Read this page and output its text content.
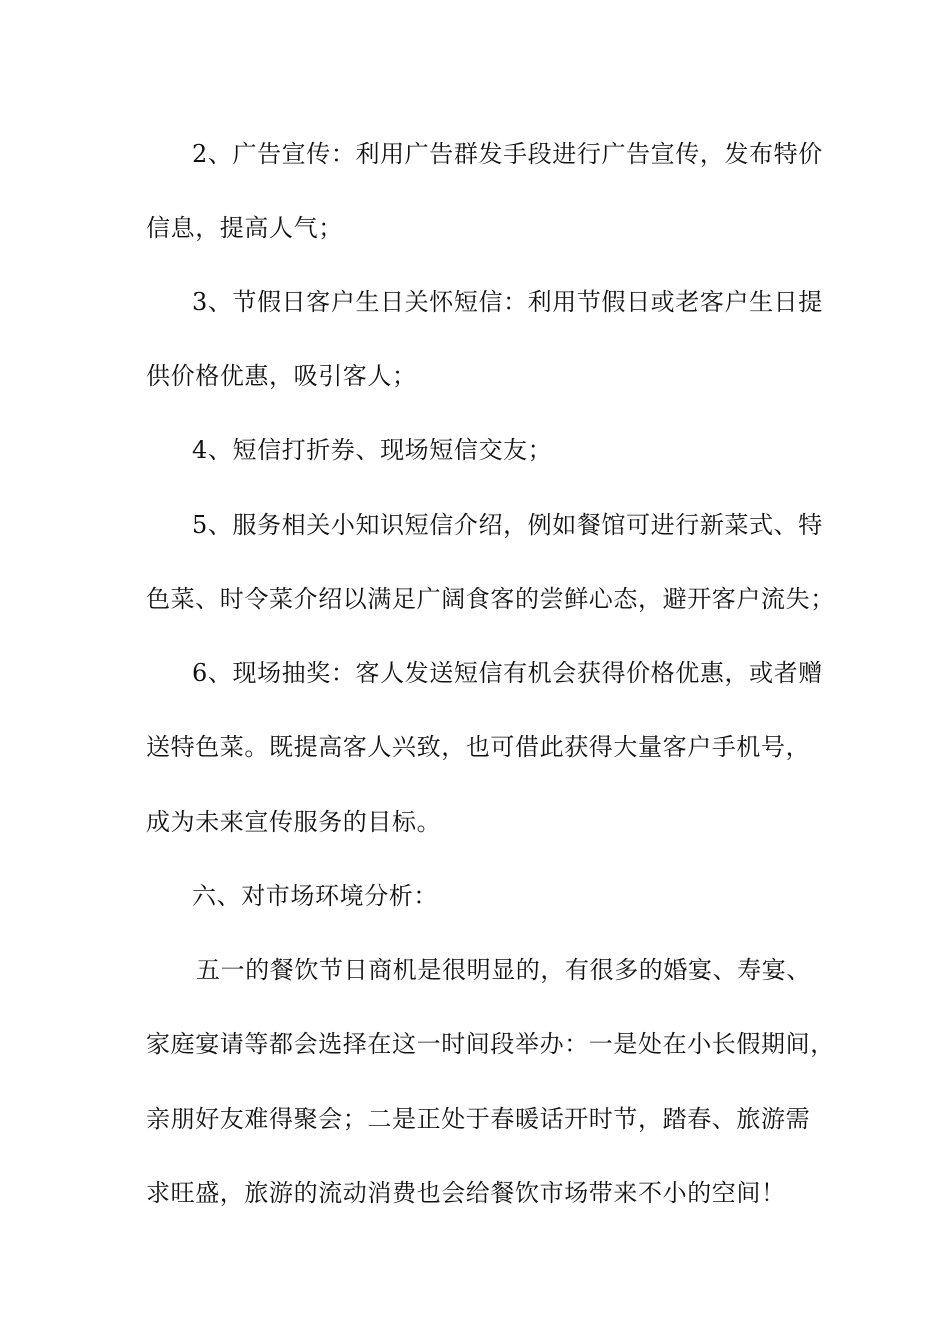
2、广告宣传：利用广告群发手段进行广告宣传，发布特价
信息，提高人气；
3、节假日客户生日关怀短信：利用节假日或老客户生日提
供价格优惠，吸引客人；
4、短信打折券、现场短信交友；
5、服务相关小知识短信介绍，例如餐馆可进行新菜式、特
色菜、时令菜介绍以满足广阔食客的尝鲜心态，避开客户流失；
6、现场抽奖：客人发送短信有机会获得价格优惠，或者赠
送特色菜。既提高客人兴致，也可借此获得大量客户手机号，
成为未来宣传服务的目标。
六、对市场环境分析：
五一的餐饮节日商机是很明显的，有很多的婚宴、寿宴、
家庭宴请等都会选择在这一时间段举办：一是处在小长假期间，
亲朋好友难得聚会；二是正处于春暖话开时节，踏春、旅游需
求旺盛，旅游的流动消费也会给餐饮市场带来不小的空间！
